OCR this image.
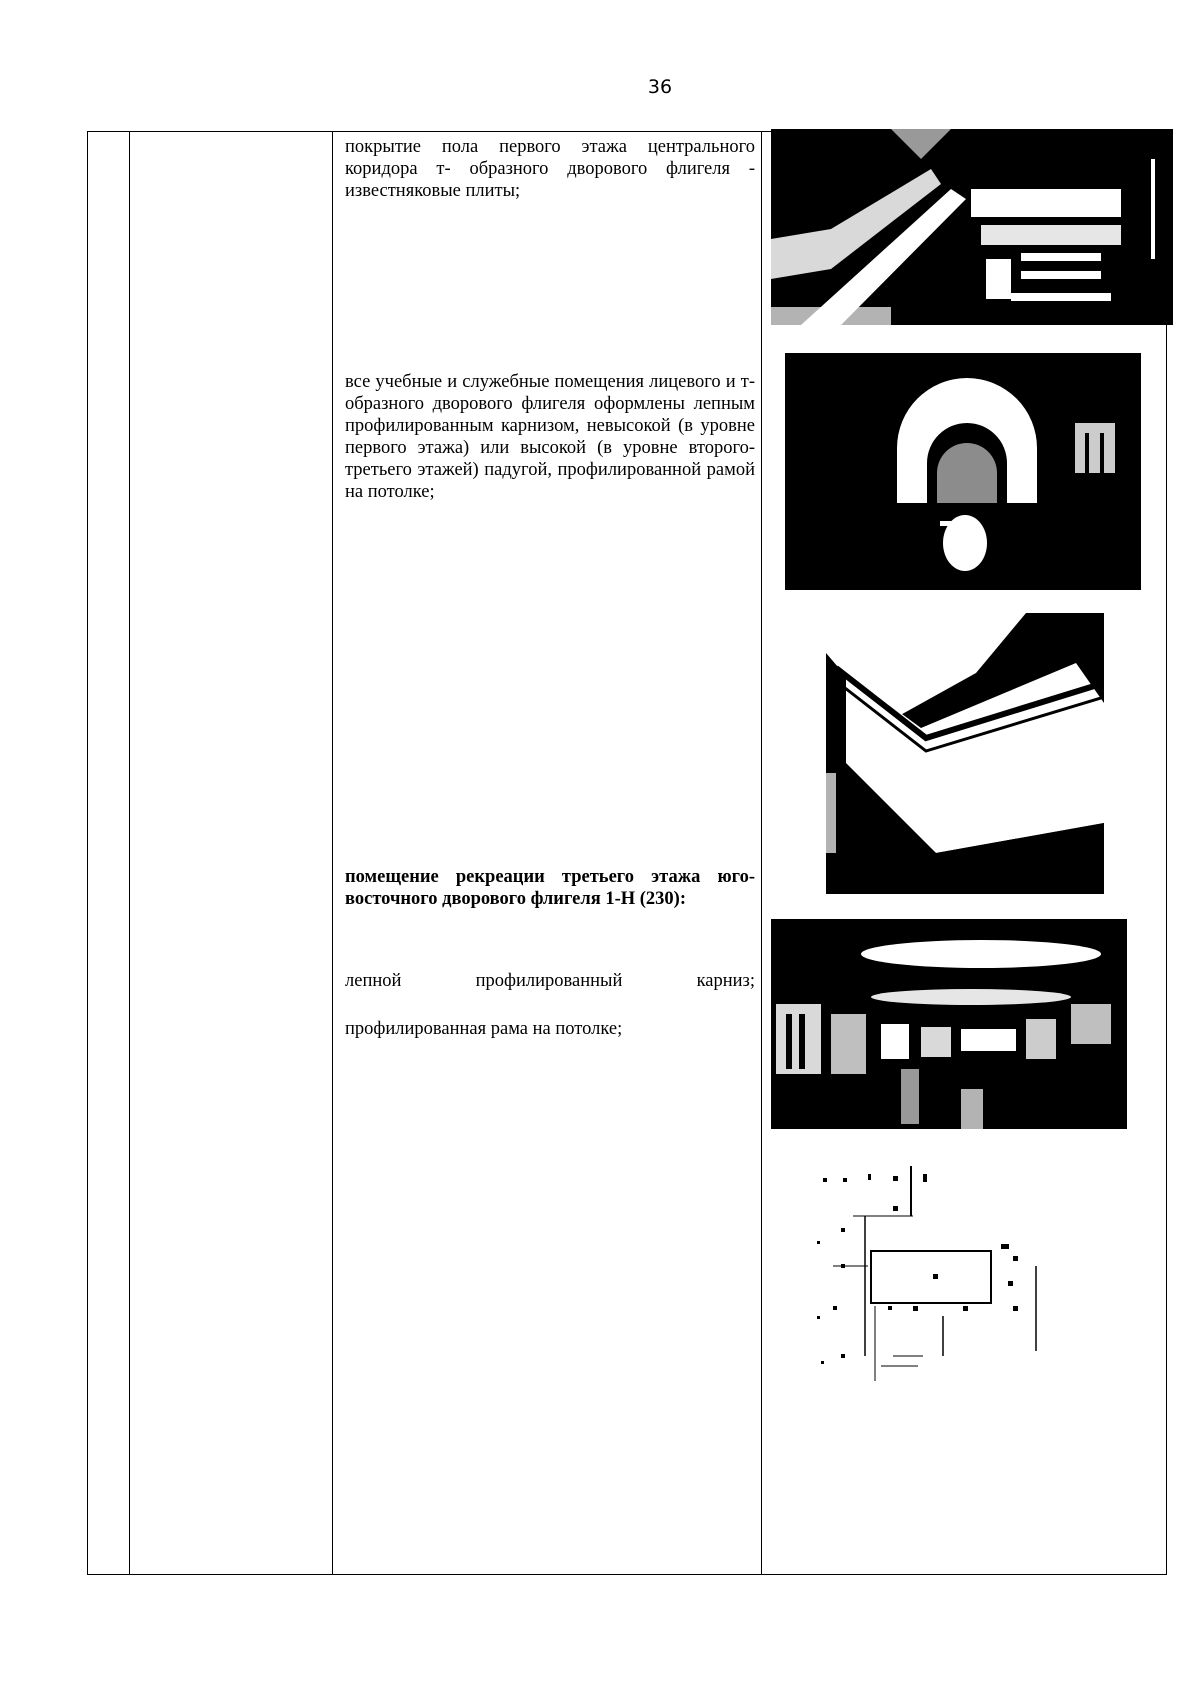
36

покрытие пола первого этажа центрального коридора т- образного дворового флигеля - известняковые плиты;

все учебные и служебные помещения лицевого и т-образного дворового флигеля оформлены лепным профилированным карнизом, невысокой (в уровне первого этажа) или высокой (в уровне второго-третьего этажей) падугой, профилированной рамой на потолке;

помещение рекреации третьего этажа юго-восточного дворового флигеля 1-Н (230):

лепной профилированный карниз;

профилированная рама на потолке;
